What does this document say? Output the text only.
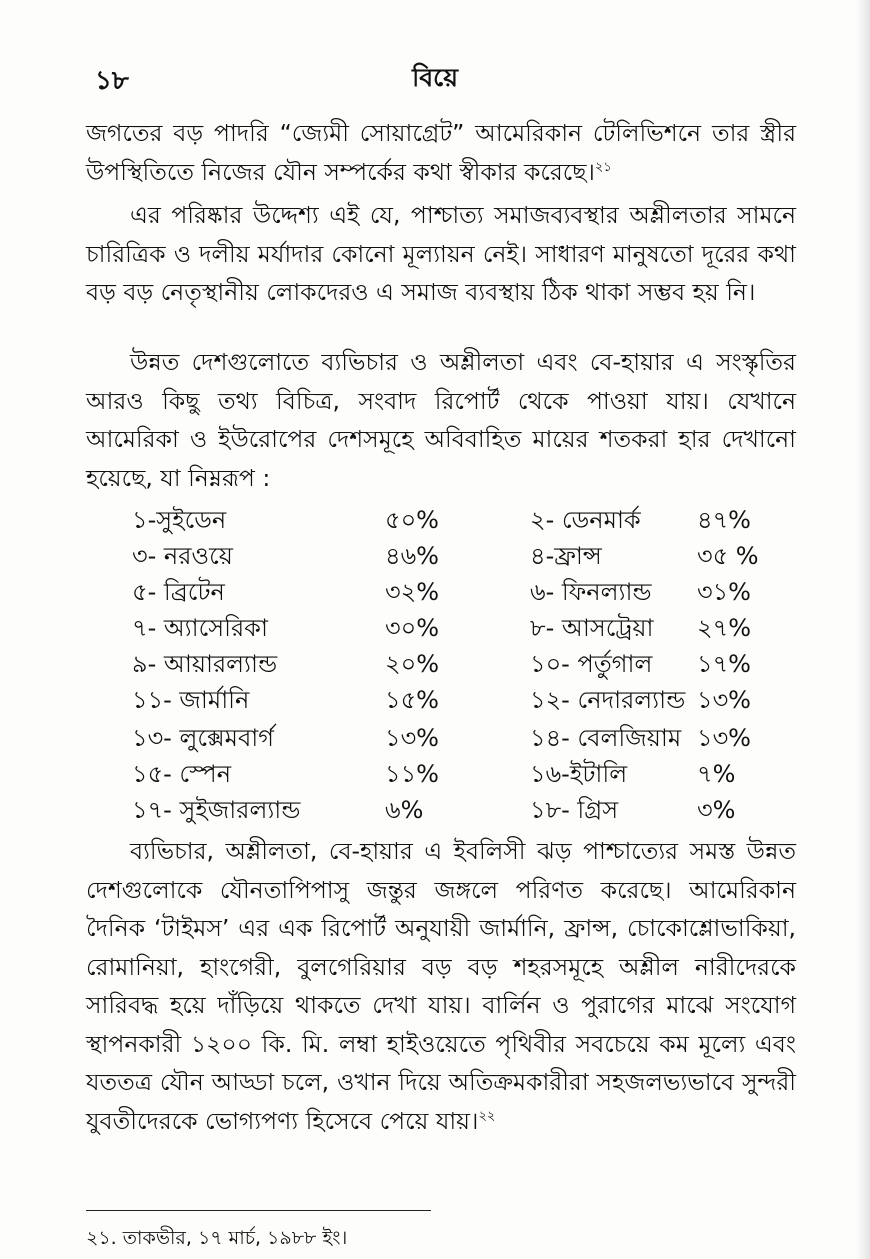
১৮	বিয়ে

জগতের বড় পাদরি “জ্যেমী সোয়াগ্রেট” আমেরিকান টেলিভিশনে তার স্ত্রীর উপস্থিতিতে নিজের যৌন সম্পর্কের কথা স্বীকার করেছে।$^{২১}$

এর পরিষ্কার উদ্দেশ্য এই যে, পাশ্চাত্য সমাজব্যবস্থার অশ্লীলতার সামনে চারিত্রিক ও দলীয় মর্যাদার কোনো মূল্যায়ন নেই। সাধারণ মানুষতো দূরের কথা বড় বড় নেতৃস্থানীয় লোকদেরও এ সমাজ ব্যবস্থায় ঠিক থাকা সম্ভব হয় নি।

উন্নত দেশগুলোতে ব্যভিচার ও অশ্লীলতা এবং বে-হায়ার এ সংস্কৃতির আরও কিছু তথ্য বিচিত্র, সংবাদ রিপোর্ট থেকে পাওয়া যায়। যেখানে আমেরিকা ও ইউরোপের দেশসমূহে অবিবাহিত মায়ের শতকরা হার দেখানো হয়েছে, যা নিম্নরূপ :

১-সুইডেন	৫০%	২- ডেনমার্ক ৪৭%
৩- নরওয়ে	৪৬%	৪-ফ্রান্স	৩৫ %
৫- ব্রিটেন	৩২%	৬- ফিনল্যান্ড ৩১%
৭- অ্যাসেরিকা	৩০%	৮- আসট্রেয়া ২৭%
৯- আয়ারল্যান্ড	২০%	১০- পর্তুগাল ১৭%
১১- জার্মানি	১৫%	১২- নেদারল্যান্ড ১৩%
১৩- লুক্সেমবার্গ	১৩%	১৪- বেলজিয়াম ১৩%
১৫- স্পেন	১১%	১৬-ইটালি	৭%
১৭- সুইজারল্যান্ড	৬%	১৮- গ্রিস	৩%

ব্যভিচার, অশ্লীলতা, বে-হায়ার এ ইবলিসী ঝড় পাশ্চাত্যের সমস্ত উন্নত দেশগুলোকে যৌনতাপিপাসু জন্তুর জঙ্গলে পরিণত করেছে। আমেরিকান দৈনিক ‘টাইমস’ এর এক রিপোর্ট অনুযায়ী জার্মানি, ফ্রান্স, চোকোশ্লোভাকিয়া, রোমানিয়া, হাংগেরী, বুলগেরিয়ার বড় বড় শহরসমূহে অশ্লীল নারীদেরকে সারিবদ্ধ হয়ে দাঁড়িয়ে থাকতে দেখা যায়। বার্লিন ও পুরাগের মাঝে সংযোগ স্থাপনকারী ১২০০ কি. মি. লম্বা হাইওয়েতে পৃথিবীর সবচেয়ে কম মূল্যে এবং যততত্র যৌন আড্ডা চলে, ওখান দিয়ে অতিক্রমকারীরা সহজলভ্যভাবে সুন্দরী যুবতীদেরকে ভোগ্যপণ্য হিসেবে পেয়ে যায়।$^{২২}$

২১. তাকভীর, ১৭ মার্চ, ১৯৮৮ ইং।
